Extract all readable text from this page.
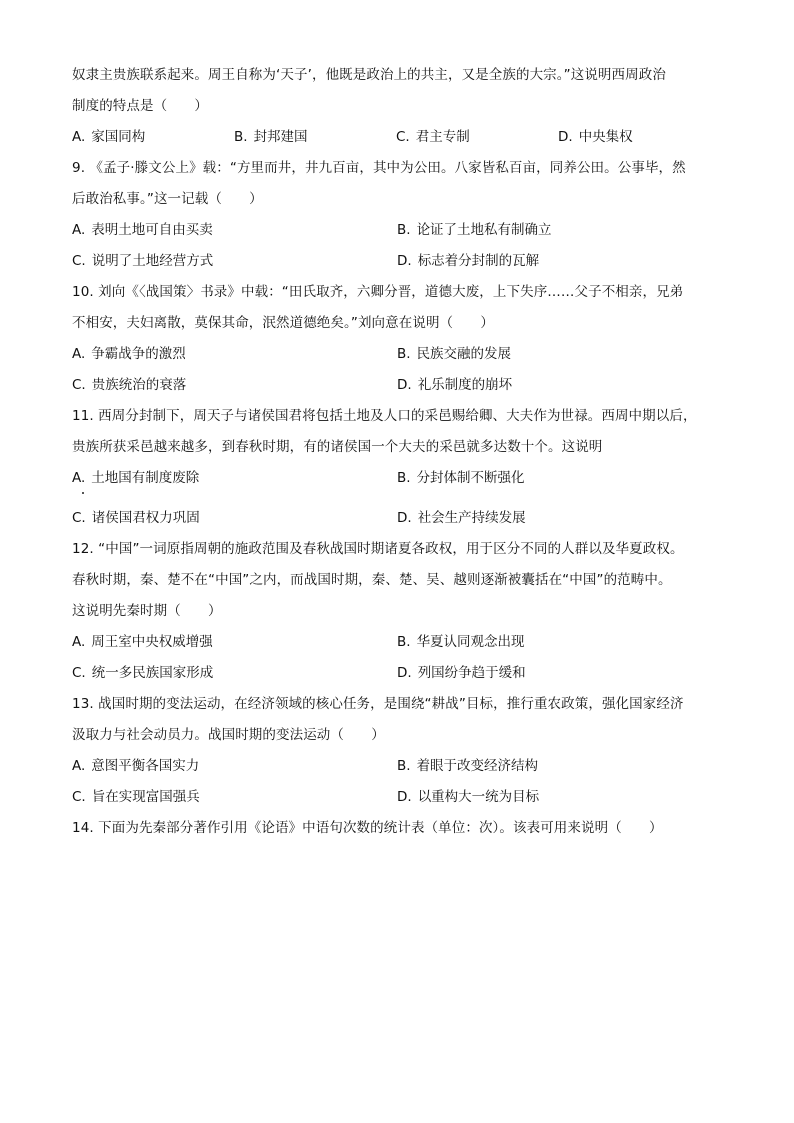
奴隶主贵族联系起来。周王自称为‘天子’，他既是政治上的共主，又是全族的大宗。”这说明西周政治
制度的特点是（　　）
A. 家国同构	B. 封邦建国	C. 君主专制	D. 中央集权
9. 《孟子·滕文公上》载：“方里而井，井九百亩，其中为公田。八家皆私百亩，同养公田。公事毕，然
后敢治私事。”这一记载（　　）
A. 表明土地可自由买卖	B. 论证了土地私有制确立
C. 说明了土地经营方式	D. 标志着分封制的瓦解
10. 刘向《〈战国策〉书录》中载：“田氏取齐，六卿分晋，道德大废，上下失序……父子不相亲，兄弟
不相安，夫妇离散，莫保其命，泯然道德绝矣。”刘向意在说明（　　）
A. 争霸战争的激烈	B. 民族交融的发展
C. 贵族统治的衰落	D. 礼乐制度的崩坏
11. 西周分封制下，周天子与诸侯国君将包括土地及人口的采邑赐给卿、大夫作为世禄。西周中期以后，
贵族所获采邑越来越多，到春秋时期，有的诸侯国一个大夫的采邑就多达数十个。这说明
A. 土地国有制度废除	B. 分封体制不断强化
C. 诸侯国君权力巩固	D. 社会生产持续发展
12. “中国”一词原指周朝的施政范围及春秋战国时期诸夏各政权，用于区分不同的人群以及华夏政权。
春秋时期，秦、楚不在“中国”之内，而战国时期，秦、楚、吴、越则逐渐被囊括在“中国”的范畴中。
这说明先秦时期（　　）
A. 周王室中央权威增强	B. 华夏认同观念出现
C. 统一多民族国家形成	D. 列国纷争趋于缓和
13. 战国时期的变法运动，在经济领域的核心任务，是围绕“耕战”目标，推行重农政策，强化国家经济
汲取力与社会动员力。战国时期的变法运动（　　）
A. 意图平衡各国实力	B. 着眼于改变经济结构
C. 旨在实现富国强兵	D. 以重构大一统为目标
14. 下面为先秦部分著作引用《论语》中语句次数的统计表（单位：次）。该表可用来说明（　　）
